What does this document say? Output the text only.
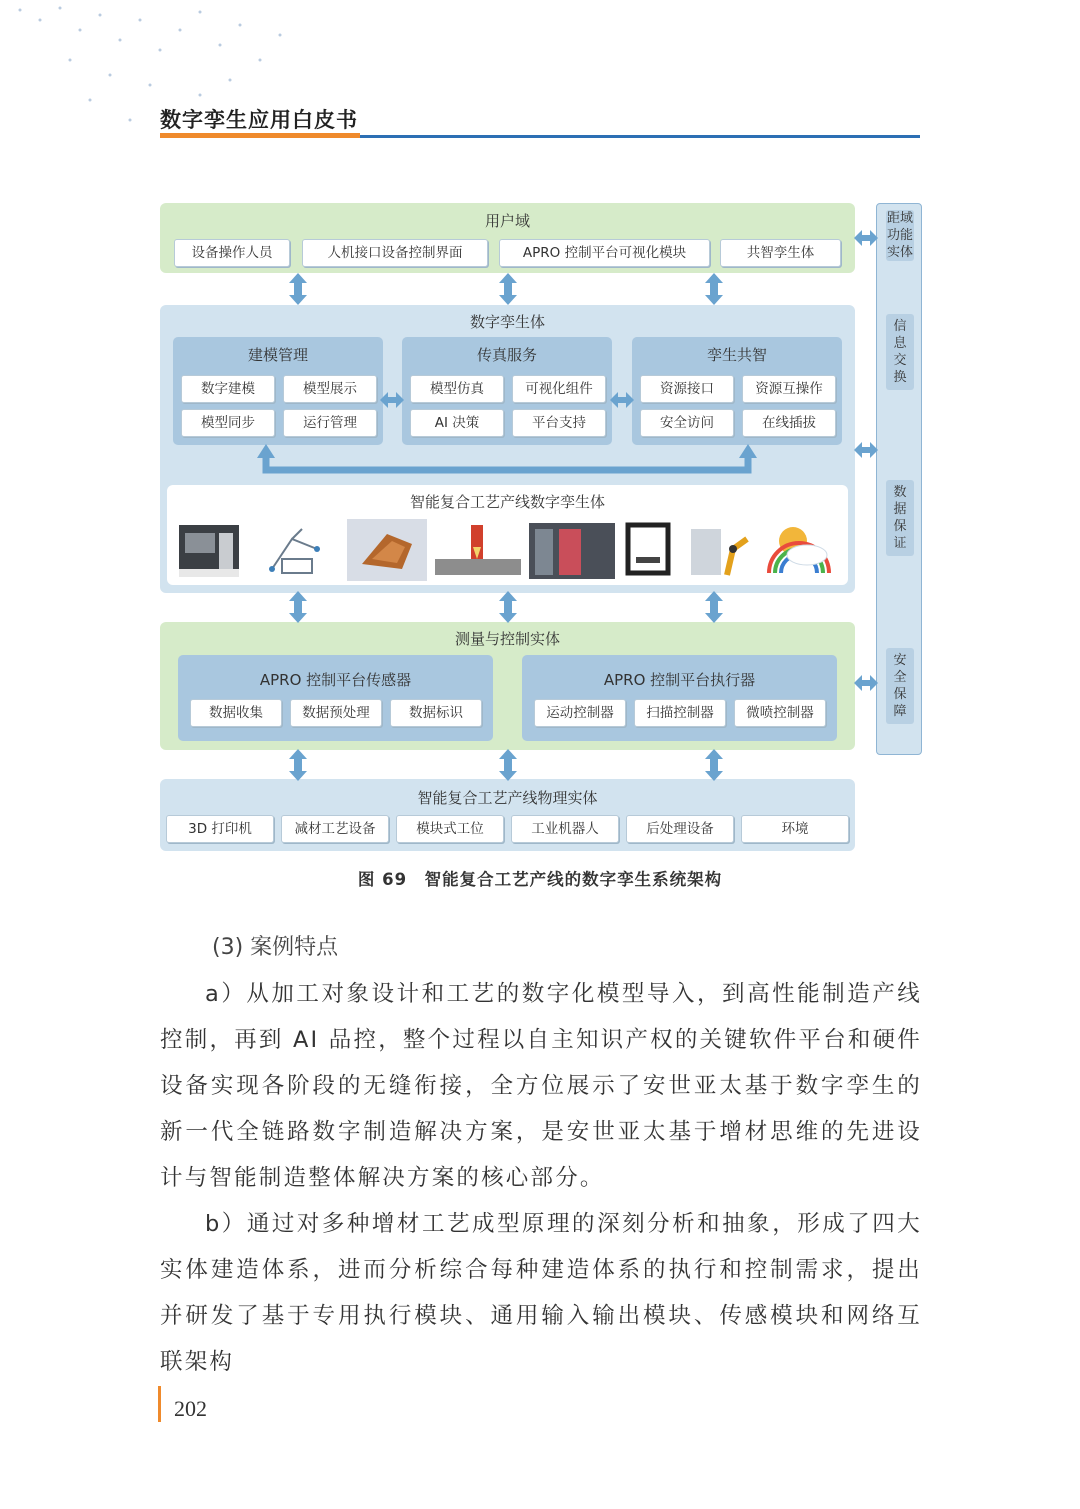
数字孪生应用白皮书
用户域
设备操作人员	人机接口设备控制界面	APRO 控制平台可视化模块	共智孪生体
数字孪生体
建模管理
数字建模	模型展示
模型同步	运行管理
传真服务
模型仿真	可视化组件
AI 决策	平台支持
孪生共智
资源接口	资源互操作
安全访问	在线插拔
智能复合工艺产线数字孪生体
测量与控制实体
APRO 控制平台传感器
数据收集	数据预处理	数据标识
APRO 控制平台执行器
运动控制器	扫描控制器	微喷控制器
智能复合工艺产线物理实体
3D 打印机	减材工艺设备	模块式工位	工业机器人	后处理设备	环境
距域功能实体
信息交换
数据保证
安全保障
图 69　智能复合工艺产线的数字孪生系统架构
(3) 案例特点
a）从加工对象设计和工艺的数字化模型导入，到高性能制造产线控制，再到 AI 品控，整个过程以自主知识产权的关键软件平台和硬件设备实现各阶段的无缝衔接，全方位展示了安世亚太基于数字孪生的新一代全链路数字制造解决方案，是安世亚太基于增材思维的先进设计与智能制造整体解决方案的核心部分。
b）通过对多种增材工艺成型原理的深刻分析和抽象，形成了四大实体建造体系，进而分析综合每种建造体系的执行和控制需求，提出并研发了基于专用执行模块、通用输入输出模块、传感模块和网络互联架构
202
